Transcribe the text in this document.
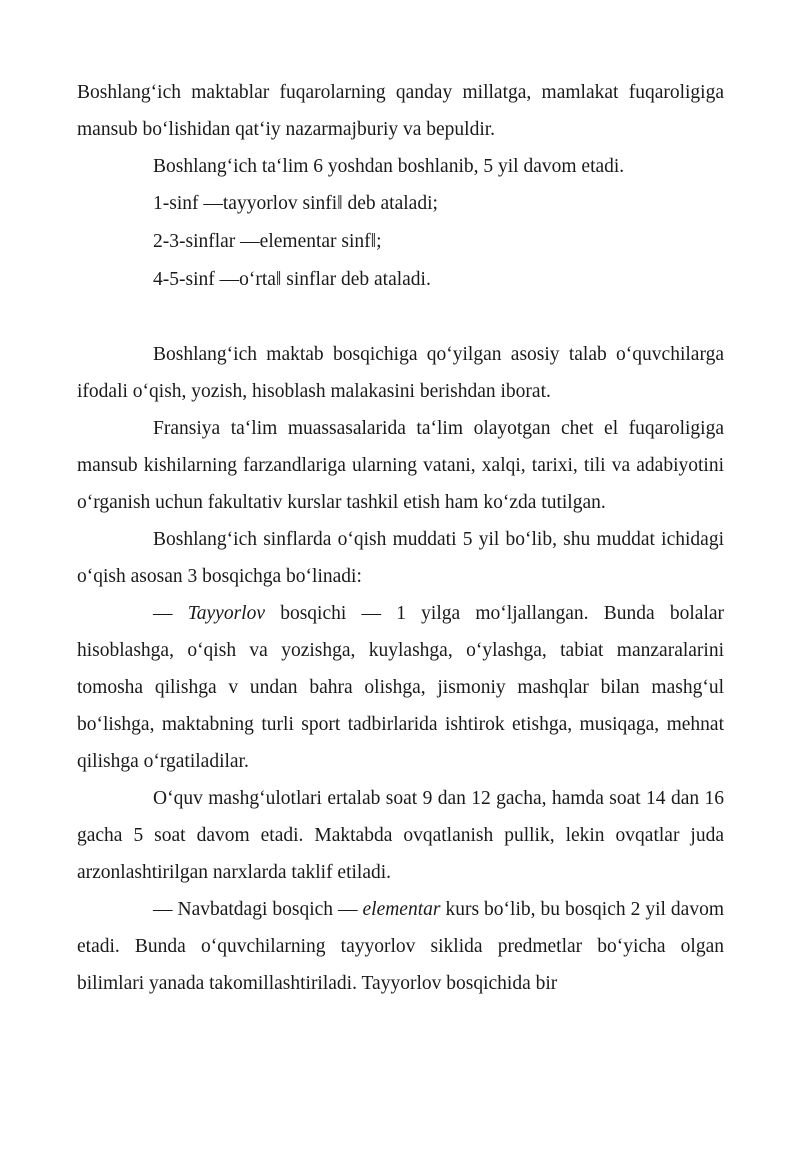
Boshlang‘ich maktablar fuqarolarning qanday millatga, mamlakat fuqaroligiga mansub bo‘lishidan qat‘iy nazarmajburiy va bepuldir.

Boshlang‘ich ta‘lim 6 yoshdan boshlanib, 5 yil davom etadi.

1-sinf ―tayyorlov sinfi‖ deb ataladi;

2-3-sinflar ―elementar sinf‖;

4-5-sinf ―o‘rta‖ sinflar deb ataladi.

Boshlang‘ich maktab bosqichiga qo‘yilgan asosiy talab o‘quvchilarga ifodali o‘qish, yozish, hisoblash malakasini berishdan iborat.

Fransiya ta‘lim muassasalarida ta‘lim olayotgan chet el fuqaroligiga mansub kishilarning farzandlariga ularning vatani, xalqi, tarixi, tili va adabiyotini o‘rganish uchun fakultativ kurslar tashkil etish ham ko‘zda tutilgan.

Boshlang‘ich sinflarda o‘qish muddati 5 yil bo‘lib, shu muddat ichidagi o‘qish asosan 3 bosqichga bo‘linadi:

— Tayyorlov bosqichi — 1 yilga mo‘ljallangan. Bunda bolalar hisoblashga, o‘qish va yozishga, kuylashga, o‘ylashga, tabiat manzaralarini tomosha qilishga v undan bahra olishga, jismoniy mashqlar bilan mashg‘ul bo‘lishga, maktabning turli sport tadbirlarida ishtirok etishga, musiqaga, mehnat qilishga o‘rgatiladilar.

O‘quv mashg‘ulotlari ertalab soat 9 dan 12 gacha, hamda soat 14 dan 16 gacha 5 soat davom etadi. Maktabda ovqatlanish pullik, lekin ovqatlar juda arzonlashtirilgan narxlarda taklif etiladi.

— Navbatdagi bosqich — elementar kurs bo‘lib, bu bosqich 2 yil davom etadi. Bunda o‘quvchilarning tayyorlov siklida predmetlar bo‘yicha olgan bilimlari yanada takomillashtiriladi. Tayyorlov bosqichida bir
